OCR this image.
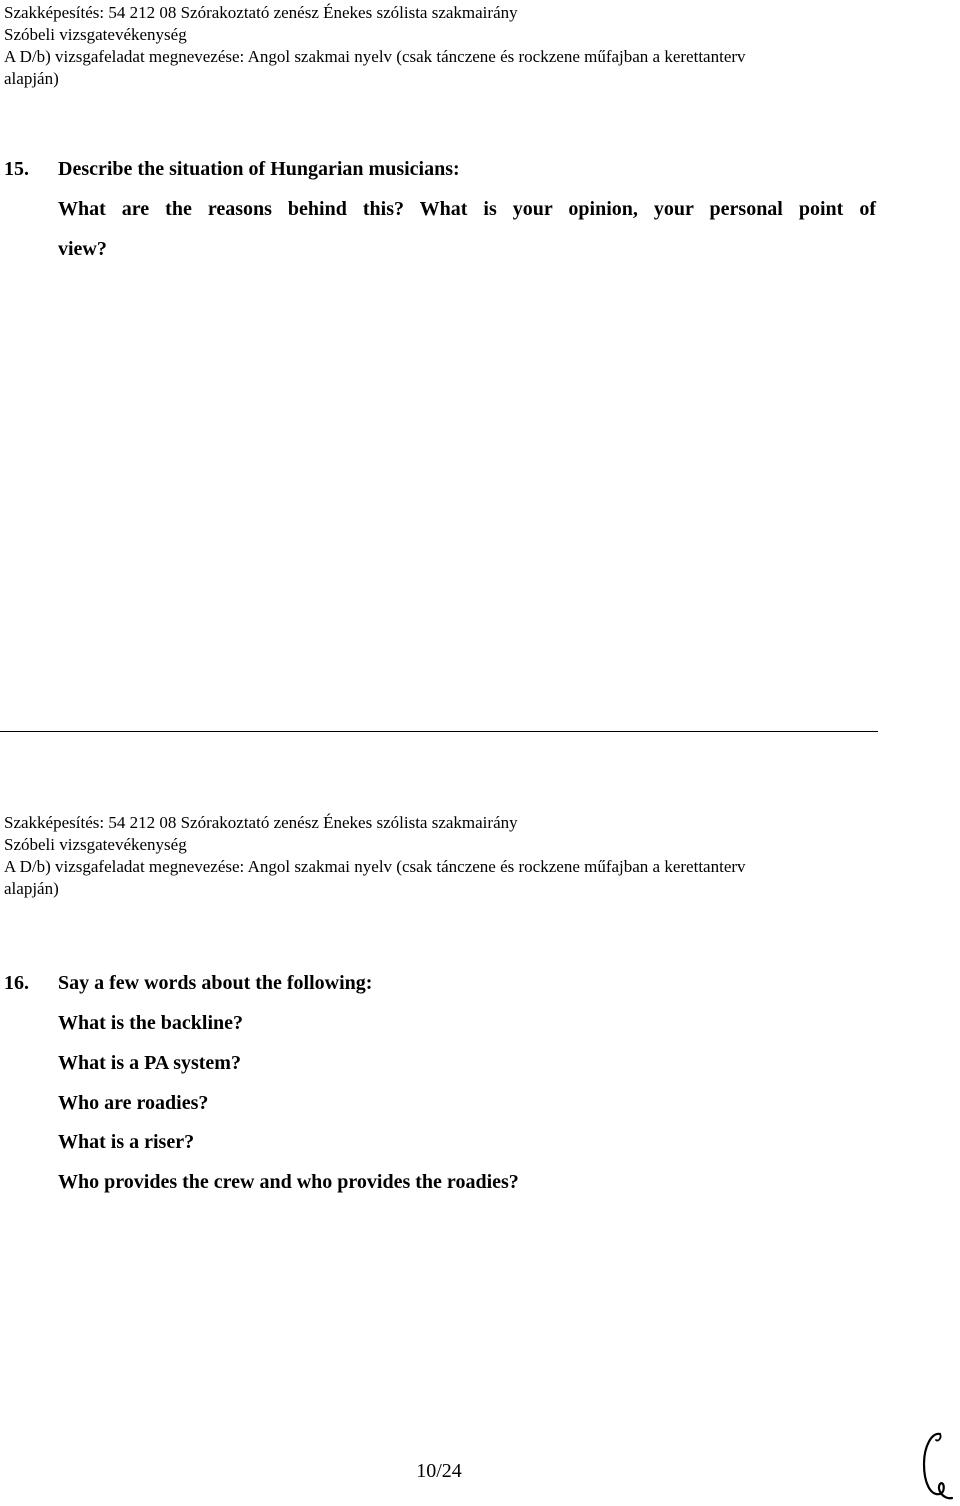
Szakképesítés: 54 212 08 Szórakoztató zenész Énekes szólista szakmairány
Szóbeli vizsgatevékenység
A D/b) vizsgafeladat megnevezése: Angol szakmai nyelv (csak tánczene és rockzene műfajban a kerettanterv
alapján)
15. Describe the situation of Hungarian musicians:
What are the reasons behind this? What is your opinion, your personal point of
view?
Szakképesítés: 54 212 08 Szórakoztató zenész Énekes szólista szakmairány
Szóbeli vizsgatevékenység
A D/b) vizsgafeladat megnevezése: Angol szakmai nyelv (csak tánczene és rockzene műfajban a kerettanterv
alapján)
16. Say a few words about the following:
What is the backline?
What is a PA system?
Who are roadies?
What is a riser?
Who provides the crew and who provides the roadies?
10/24
